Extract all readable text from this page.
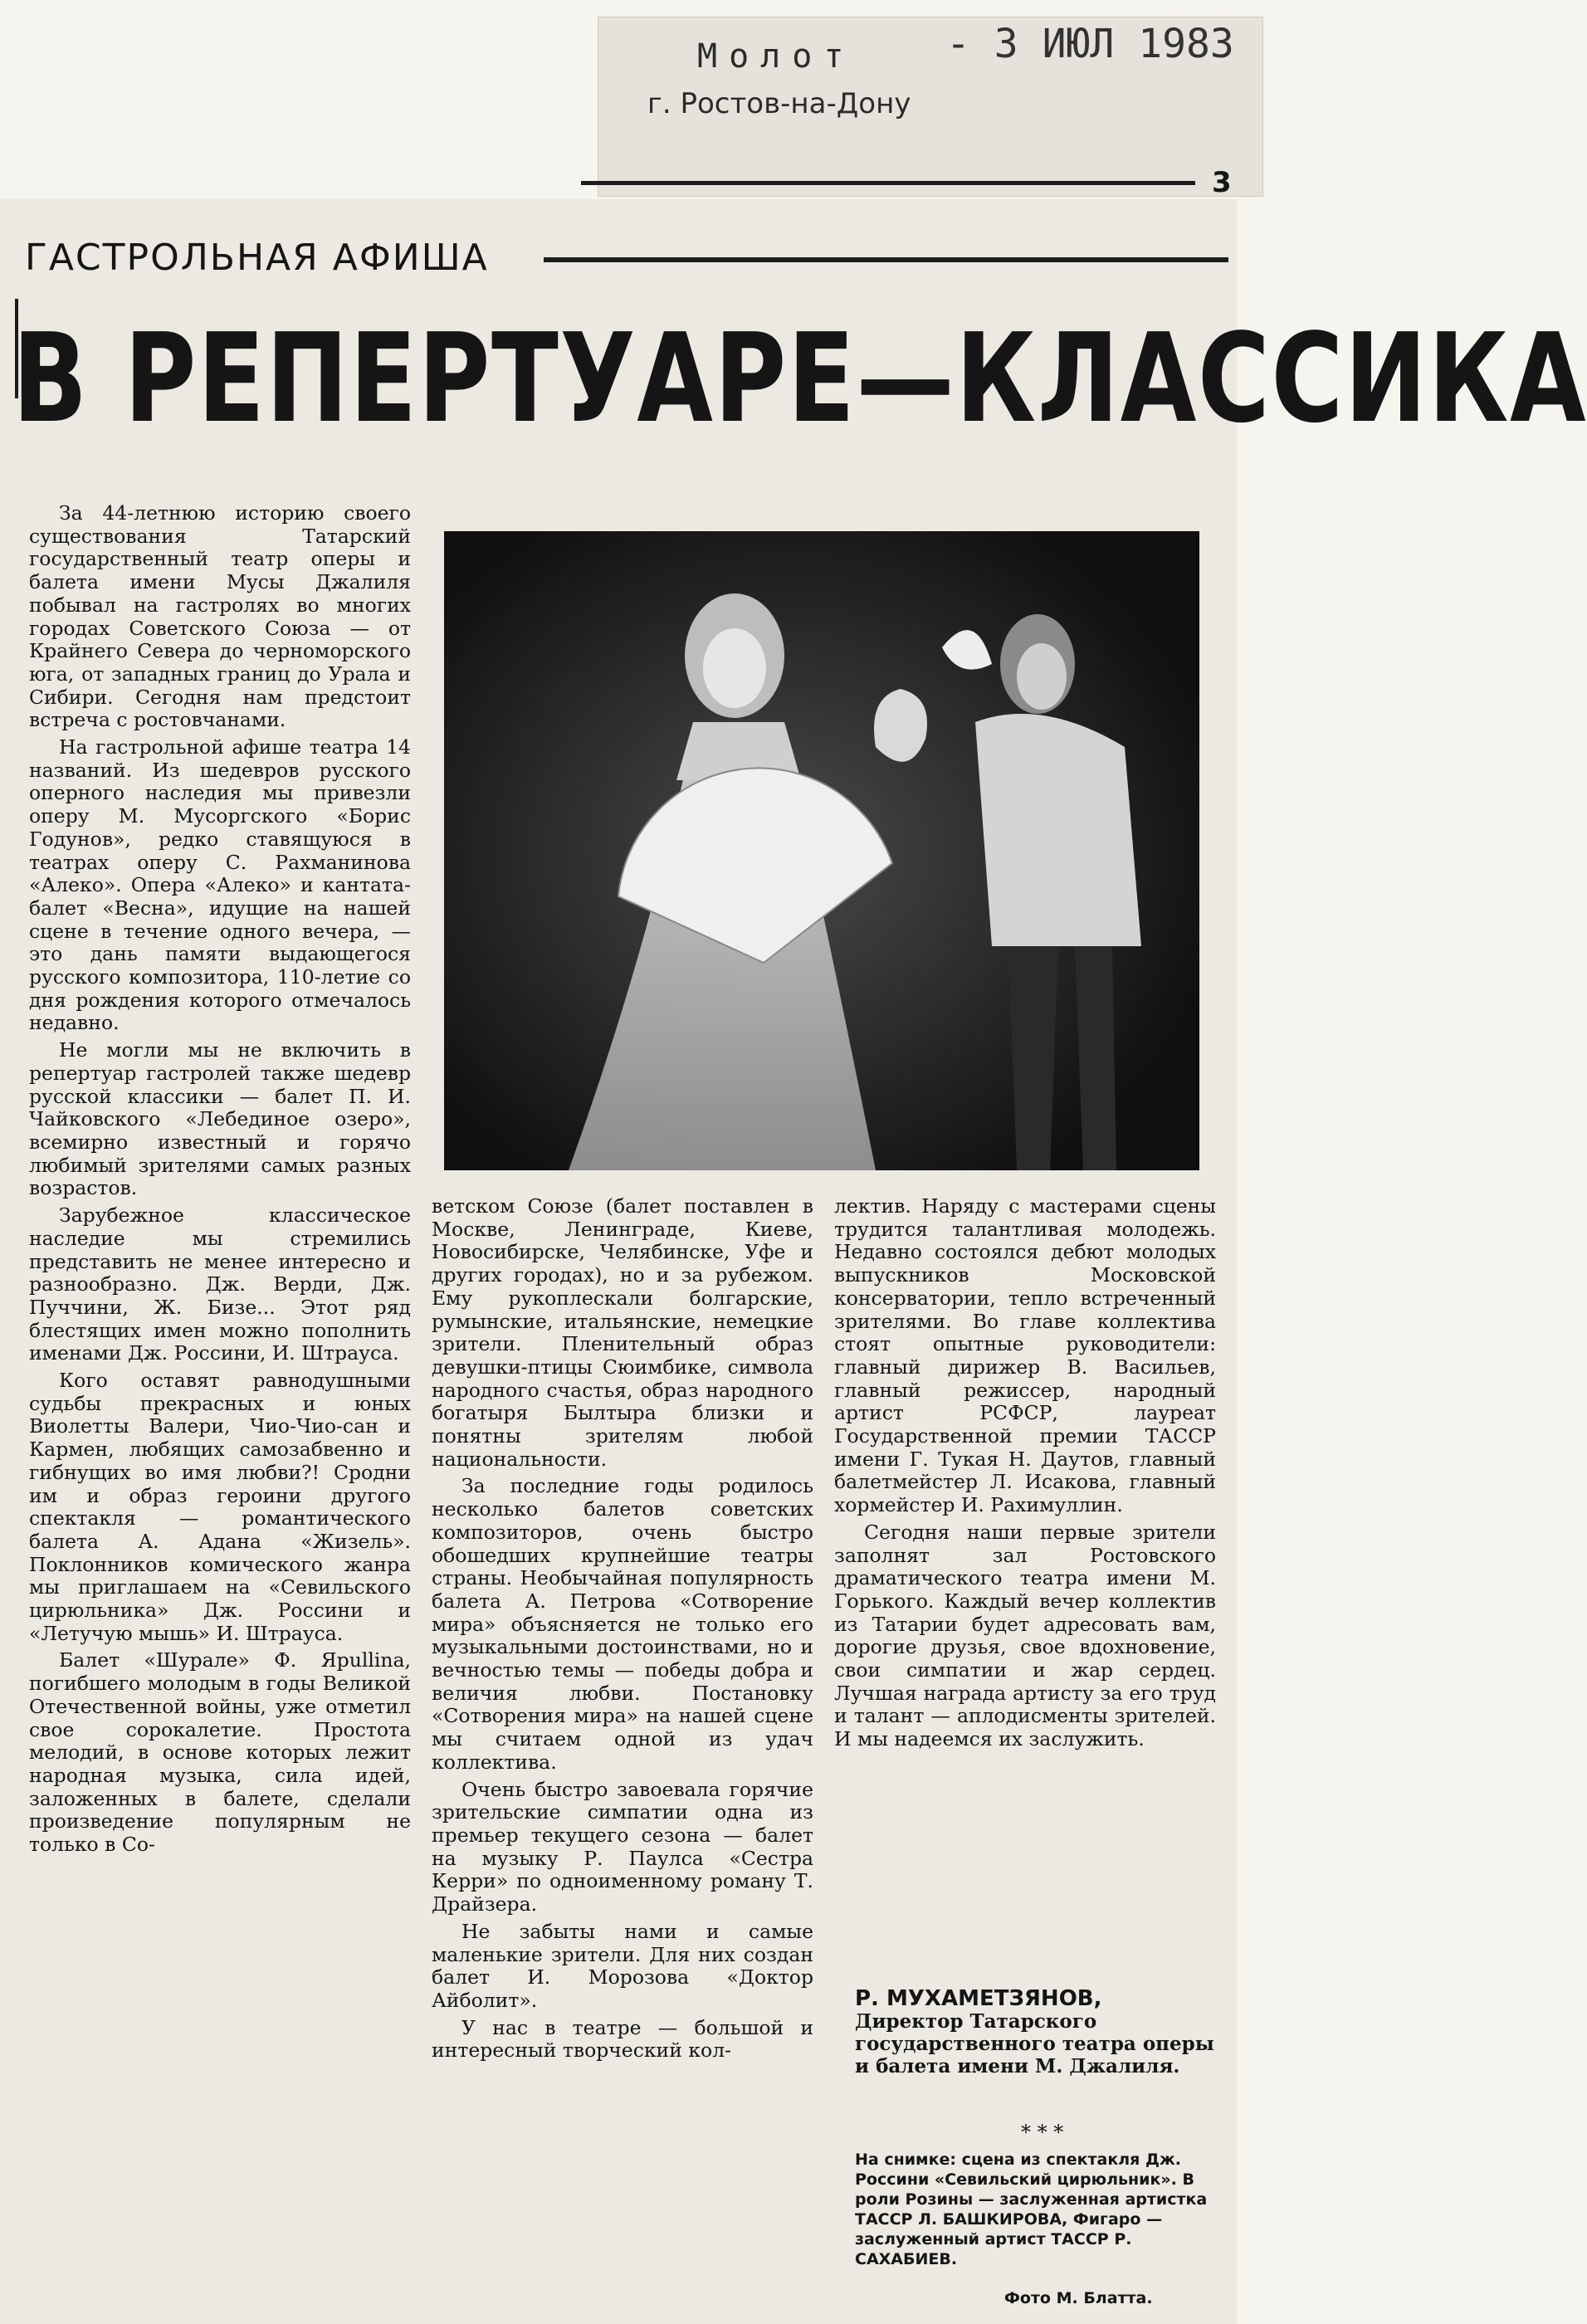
Молот
г. Ростов-на-Дону
- 3 ИЮЛ 1983
3
ГАСТРОЛЬНАЯ АФИША
В РЕПЕРТУАРЕ—КЛАССИКА

За 44-летнюю историю своего существования Татарский государственный театр оперы и балета имени Мусы Джалиля побывал на гастролях во многих городах Советского Союза — от Крайнего Севера до черноморского юга, от западных границ до Урала и Сибири. Сегодня нам предстоит встреча с ростовчанами.

На гастрольной афише театра 14 названий. Из шедевров русского оперного наследия мы привезли оперу М. Мусоргского «Борис Годунов», редко ставящуюся в театрах оперу С. Рахманинова «Алеко». Опера «Алеко» и кантата-балет «Весна», идущие на нашей сцене в течение одного вечера, — это дань памяти выдающегося русского композитора, 110-летие со дня рождения которого отмечалось недавно.

Не могли мы не включить в репертуар гастролей также шедевр русской классики — балет П. И. Чайковского «Лебединое озеро», всемирно известный и горячо любимый зрителями самых разных возрастов.

Зарубежное классическое наследие мы стремились представить не менее интересно и разнообразно. Дж. Верди, Дж. Пуччини, Ж. Бизе... Этот ряд блестящих имен можно пополнить именами Дж. Россини, И. Штрауса.

Кого оставят равнодушными судьбы прекрасных и юных Виолетты Валери, Чио-Чио-сан и Кармен, любящих самозабвенно и гибнущих во имя любви?! Сродни им и образ героини другого спектакля — романтического балета А. Адана «Жизель». Поклонников комического жанра мы приглашаем на «Севильского цирюльника» Дж. Россини и «Летучую мышь» И. Штрауса.

Балет «Шурале» Ф. Ярullina, погибшего молодым в годы Великой Отечественной войны, уже отметил свое сорокалетие. Простота мелодий, в основе которых лежит народная музыка, сила идей, заложенных в балете, сделали произведение популярным не только в Со-

ветском Союзе (балет поставлен в Москве, Ленинграде, Киеве, Новосибирске, Челябинске, Уфе и других городах), но и за рубежом. Ему рукоплескали болгарские, румынские, итальянские, немецкие зрители. Пленительный образ девушки-птицы Сюимбике, символа народного счастья, образ народного богатыря Былтыра близки и понятны зрителям любой национальности.

За последние годы родилось несколько балетов советских композиторов, очень быстро обошедших крупнейшие театры страны. Необычайная популярность балета А. Петрова «Сотворение мира» объясняется не только его музыкальными достоинствами, но и вечностью темы — победы добра и величия любви. Постановку «Сотворения мира» на нашей сцене мы считаем одной из удач коллектива.

Очень быстро завоевала горячие зрительские симпатии одна из премьер текущего сезона — балет на музыку Р. Паулса «Сестра Керри» по одноименному роману Т. Драйзера.

Не забыты нами и самые маленькие зрители. Для них создан балет И. Морозова «Доктор Айболит».

У нас в театре — большой и интересный творческий кол-

лектив. Наряду с мастерами сцены трудится талантливая молодежь. Недавно состоялся дебют молодых выпускников Московской консерватории, тепло встреченный зрителями. Во главе коллектива стоят опытные руководители: главный дирижер В. Васильев, главный режиссер, народный артист РСФСР, лауреат Государственной премии ТАССР имени Г. Тукая Н. Даутов, главный балетмейстер Л. Исакова, главный хормейстер И. Рахимуллин.

Сегодня наши первые зрители заполнят зал Ростовского драматического театра имени М. Горького. Каждый вечер коллектив из Татарии будет адресовать вам, дорогие друзья, свое вдохновение, свои симпатии и жар сердец. Лучшая награда артисту за его труд и талант — аплодисменты зрителей. И мы надеемся их заслужить.

Р. МУХАМЕТЗЯНОВ,
Директор Татарского государственного театра оперы и балета имени М. Джалиля.
* * *
На снимке: сцена из спектакля Дж. Россини «Севильский цирюльник». В роли Розины — заслуженная артистка ТАССР Л. БАШКИРОВА, Фигаро — заслуженный артист ТАССР Р. САХАБИЕВ.
Фото М. Блатта.
